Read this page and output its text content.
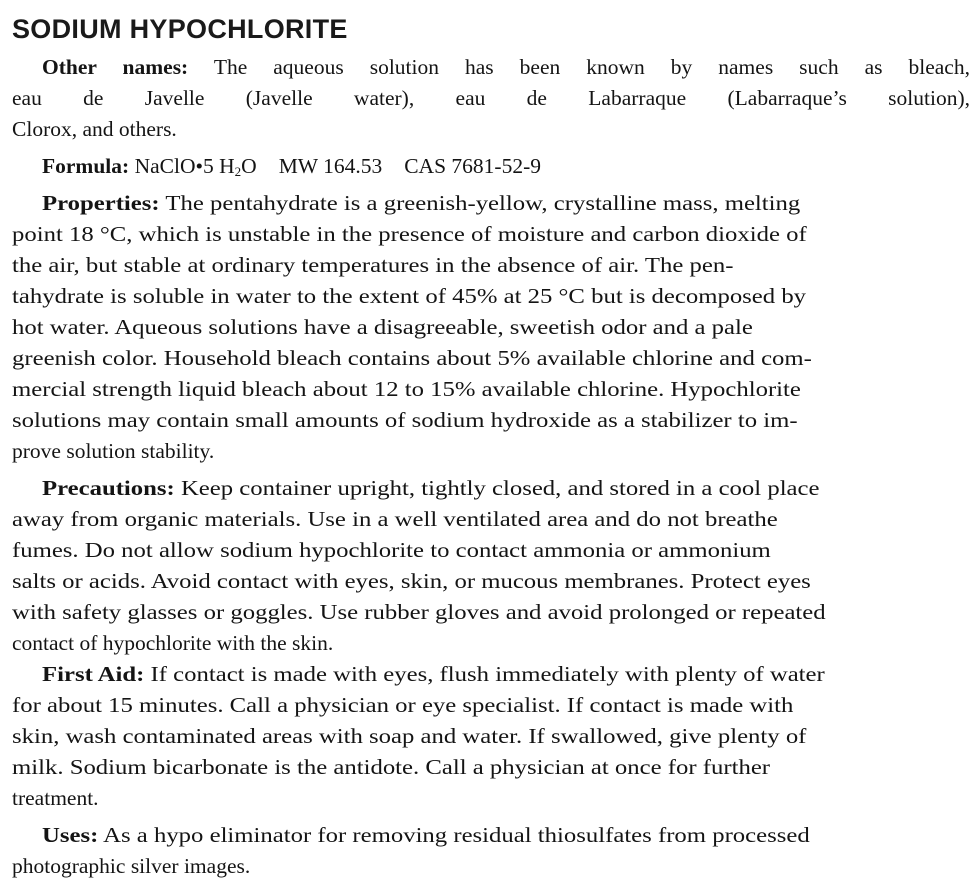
SODIUM HYPOCHLORITE
Other names: The aqueous solution has been known by names such as bleach,
eau de Javelle (Javelle water), eau de Labarraque (Labarraque’s solution),
Clorox, and others.
Formula: NaClO•5 $H_2O$ MW 164.53 CAS 7681-52-9
Properties: The pentahydrate is a greenish-yellow, crystalline mass, melting
point 18 °C, which is unstable in the presence of moisture and carbon dioxide of
the air, but stable at ordinary temperatures in the absence of air. The pen-
tahydrate is soluble in water to the extent of 45% at 25 °C but is decomposed by
hot water. Aqueous solutions have a disagreeable, sweetish odor and a pale
greenish color. Household bleach contains about 5% available chlorine and com-
mercial strength liquid bleach about 12 to 15% available chlorine. Hypochlorite
solutions may contain small amounts of sodium hydroxide as a stabilizer to im-
prove solution stability.
Precautions: Keep container upright, tightly closed, and stored in a cool place
away from organic materials. Use in a well ventilated area and do not breathe
fumes. Do not allow sodium hypochlorite to contact ammonia or ammonium
salts or acids. Avoid contact with eyes, skin, or mucous membranes. Protect eyes
with safety glasses or goggles. Use rubber gloves and avoid prolonged or repeated
contact of hypochlorite with the skin.
First Aid: If contact is made with eyes, flush immediately with plenty of water
for about 15 minutes. Call a physician or eye specialist. If contact is made with
skin, wash contaminated areas with soap and water. If swallowed, give plenty of
milk. Sodium bicarbonate is the antidote. Call a physician at once for further
treatment.
Uses: As a hypo eliminator for removing residual thiosulfates from processed
photographic silver images.
